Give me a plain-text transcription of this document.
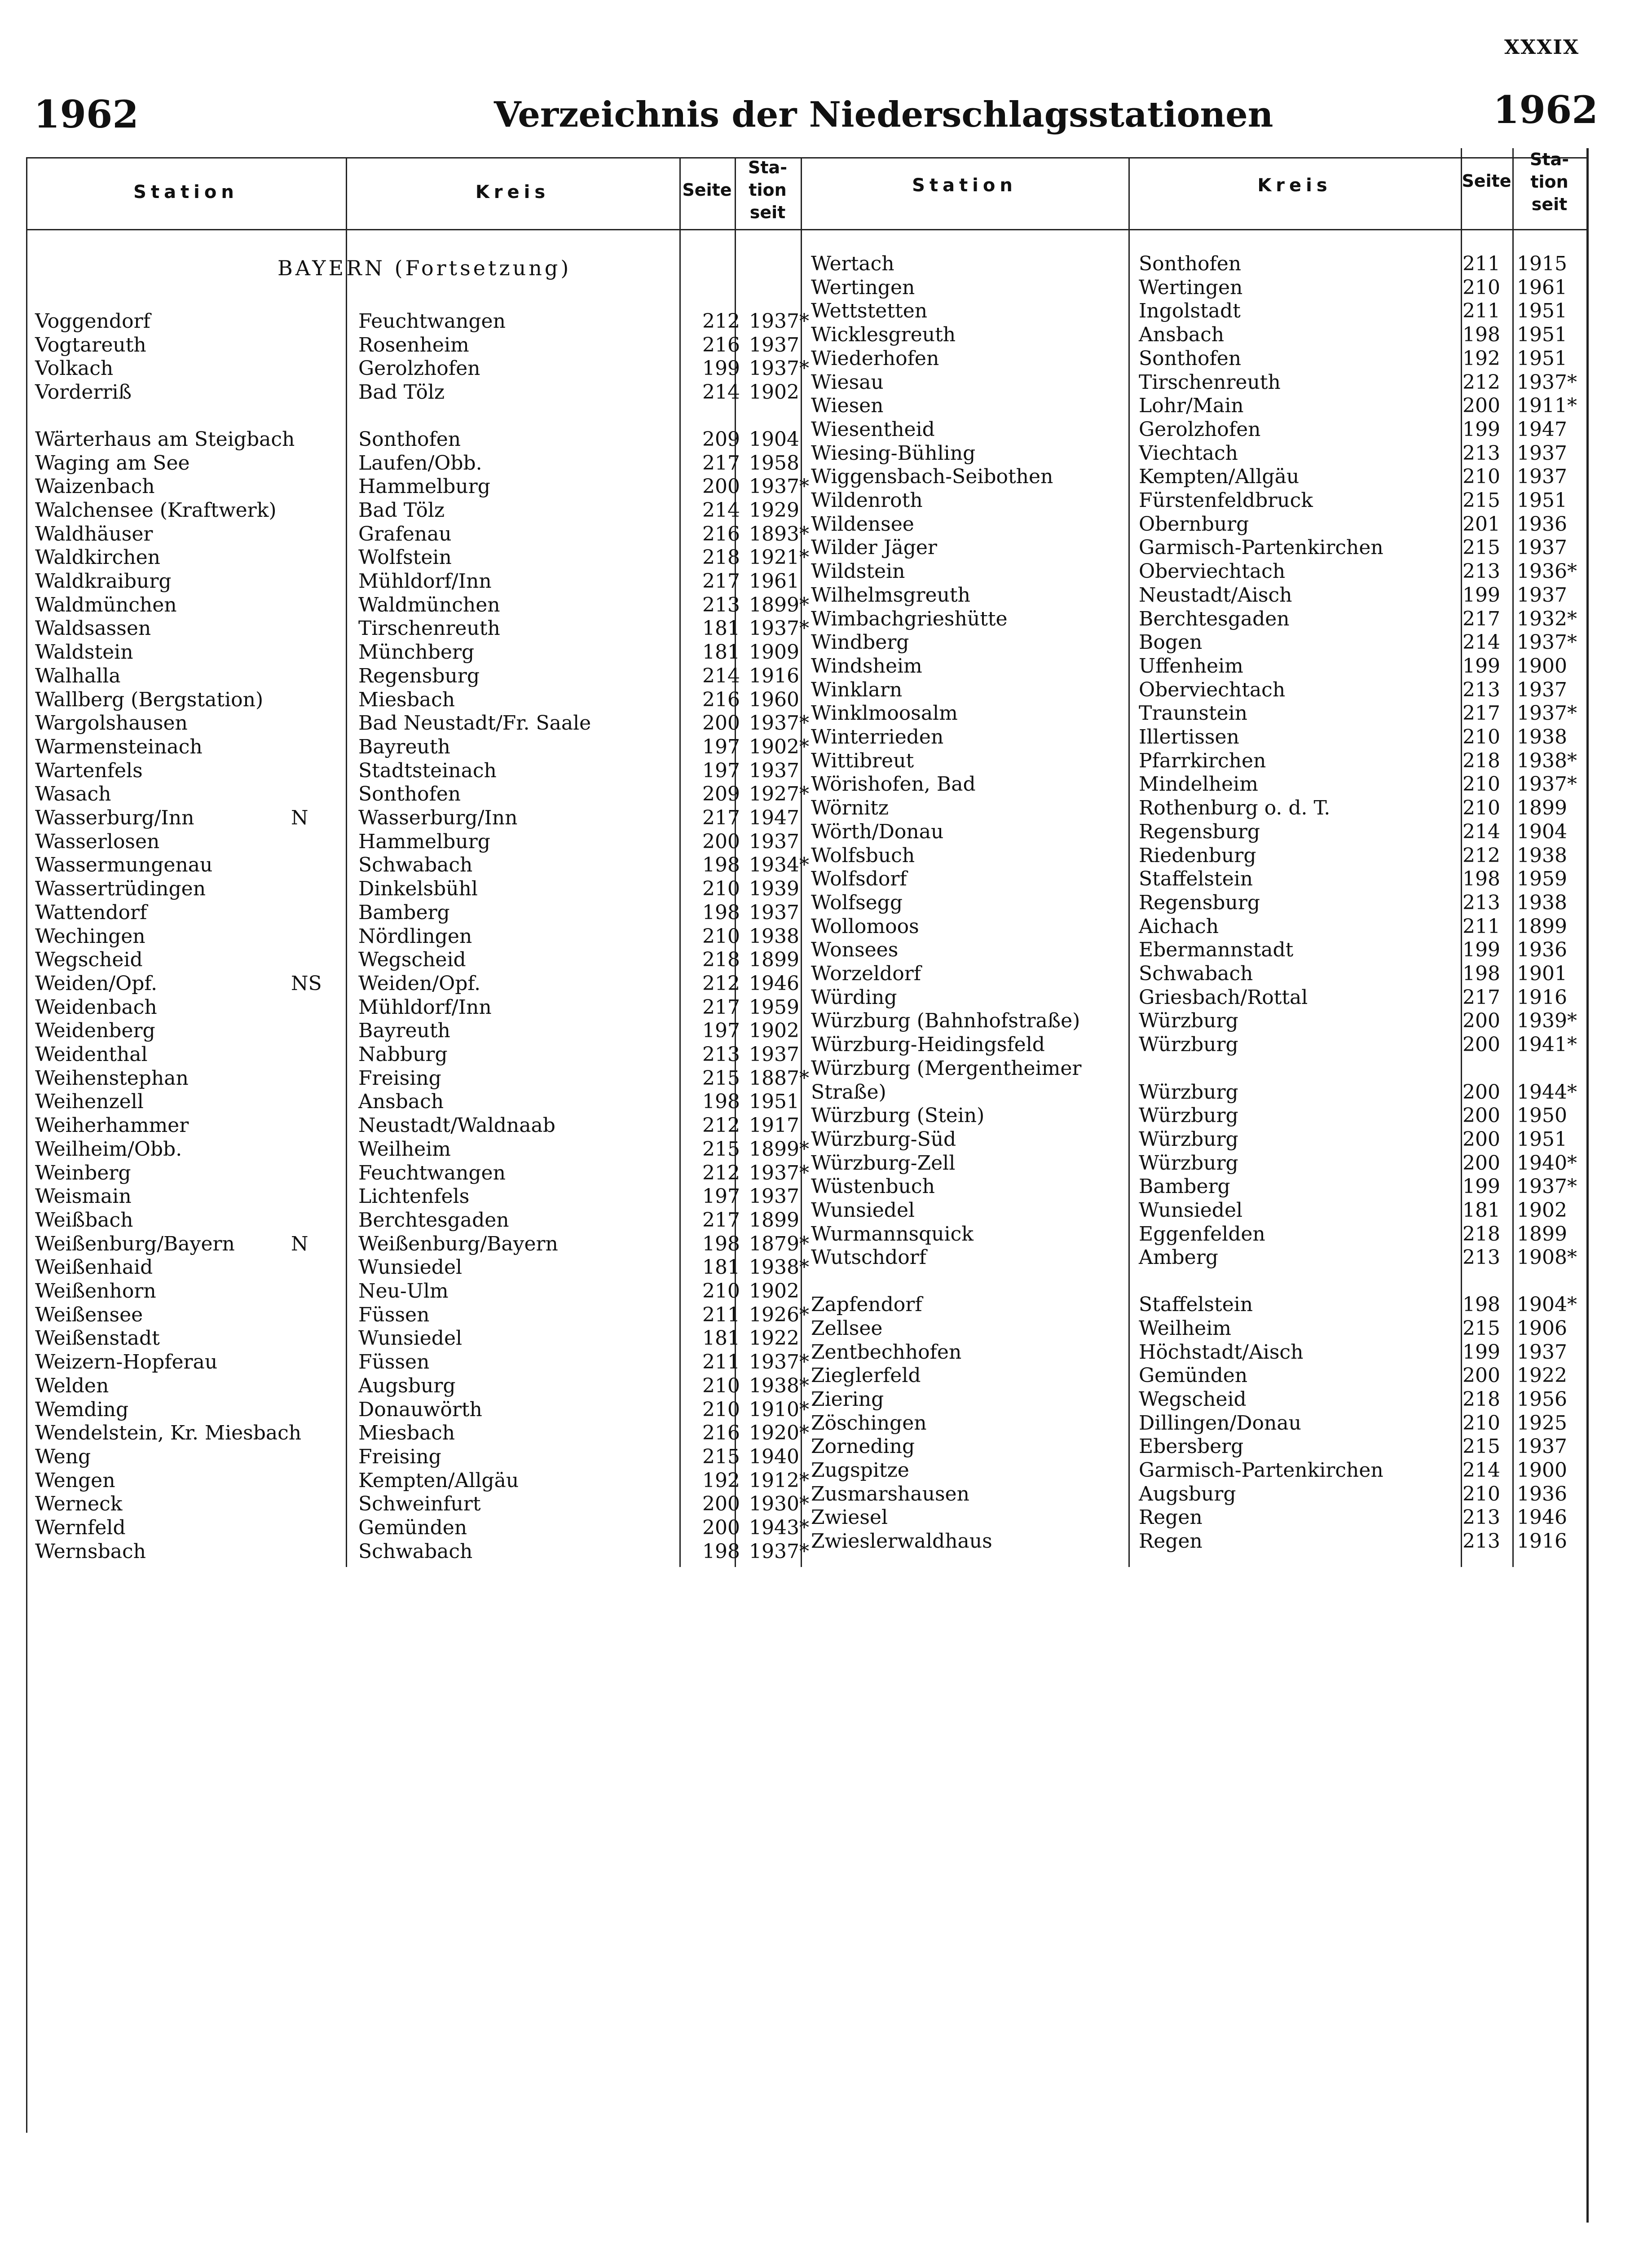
XXXIX
1962	Verzeichnis der Niederschlagsstationen	1962
Station	Kreis	Seite
Sta-
tion
seit
Station	Kreis	Seite
Sta-
tion
seit
BAYERN (Fortsetzung)
Voggendorf	Feuchtwangen	212 1937*
Vogtareuth	Rosenheim	216 1937
Volkach	Gerolzhofen	199 1937*
Vorderriß	Bad Tölz	214 1902
Wärterhaus am Steigbach	Sonthofen	209 1904
Waging am See	Laufen/Obb.	217 1958
Waizenbach	Hammelburg	200 1937*
Walchensee (Kraftwerk)	Bad Tölz	214 1929
Waldhäuser	Grafenau	216 1893*
Waldkirchen	Wolfstein	218 1921*
Waldkraiburg	Mühldorf/Inn	217 1961
Waldmünchen	Waldmünchen	213 1899*
Waldsassen	Tirschenreuth	181 1937*
Waldstein	Münchberg	181 1909
Walhalla	Regensburg	214 1916
Wallberg (Bergstation)	Miesbach	216 1960
Wargolshausen	Bad Neustadt/Fr. Saale	200 1937*
Warmensteinach	Bayreuth	197 1902*
Wartenfels	Stadtsteinach	197 1937
Wasach	Sonthofen	209 1927*
Wasserburg/Inn	N	Wasserburg/Inn	217 1947
Wasserlosen	Hammelburg	200 1937
Wassermungenau	Schwabach	198 1934*
Wassertrüdingen	Dinkelsbühl	210 1939
Wattendorf	Bamberg	198 1937
Wechingen	Nördlingen	210 1938
Wegscheid	Wegscheid	218 1899
Weiden/Opf.	NS Weiden/Opf.	212 1946
Weidenbach	Mühldorf/Inn	217 1959
Weidenberg	Bayreuth	197 1902
Weidenthal	Nabburg	213 1937
Weihenstephan	Freising	215 1887*
Weihenzell	Ansbach	198 1951
Weiherhammer	Neustadt/Waldnaab	212 1917
Weilheim/Obb.	Weilheim	215 1899*
Weinberg	Feuchtwangen	212 1937*
Weismain	Lichtenfels	197 1937
Weißbach	Berchtesgaden	217 1899
Weißenburg/Bayern	N	Weißenburg/Bayern	198 1879*
Weißenhaid	Wunsiedel	181 1938*
Weißenhorn	Neu-Ulm	210 1902
Weißensee	Füssen	211 1926*
Weißenstadt	Wunsiedel	181 1922
Weizern-Hopferau	Füssen	211 1937*
Welden	Augsburg	210 1938*
Wemding	Donauwörth	210 1910*
Wendelstein, Kr. Miesbach	Miesbach	216 1920*
Weng	Freising	215 1940
Wengen	Kempten/Allgäu	192 1912*
Werneck	Schweinfurt	200 1930*
Wernfeld	Gemünden	200 1943*
Wernsbach	Schwabach	198 1937*
Wertach	Sonthofen	211 1915
Wertingen	Wertingen	210 1961
Wettstetten	Ingolstadt	211 1951
Wicklesgreuth	Ansbach	198 1951
Wiederhofen	Sonthofen	192 1951
Wiesau	Tirschenreuth	212 1937*
Wiesen	Lohr/Main	200 1911*
Wiesentheid	Gerolzhofen	199 1947
Wiesing-Bühling	Viechtach	213 1937
Wiggensbach-Seibothen	Kempten/Allgäu	210 1937
Wildenroth	Fürstenfeldbruck	215 1951
Wildensee	Obernburg	201 1936
Wilder Jäger	Garmisch-Partenkirchen	215 1937
Wildstein	Oberviechtach	213 1936*
Wilhelmsgreuth	Neustadt/Aisch	199 1937
Wimbachgrieshütte	Berchtesgaden	217 1932*
Windberg	Bogen	214 1937*
Windsheim	Uffenheim	199 1900
Winklarn	Oberviechtach	213 1937
Winklmoosalm	Traunstein	217 1937*
Winterrieden	Illertissen	210 1938
Wittibreut	Pfarrkirchen	218 1938*
Wörishofen, Bad	Mindelheim	210 1937*
Wörnitz	Rothenburg o. d. T.	210 1899
Wörth/Donau	Regensburg	214 1904
Wolfsbuch	Riedenburg	212 1938
Wolfsdorf	Staffelstein	198 1959
Wolfsegg	Regensburg	213 1938
Wollomoos	Aichach	211 1899
Wonsees	Ebermannstadt	199 1936
Worzeldorf	Schwabach	198 1901
Würding	Griesbach/Rottal	217 1916
Würzburg (Bahnhofstraße)	Würzburg	200 1939*
Würzburg-Heidingsfeld	Würzburg	200 1941*
Würzburg (Mergentheimer
Straße)	Würzburg	200 1944*
Würzburg (Stein)	Würzburg	200 1950
Würzburg-Süd	Würzburg	200 1951
Würzburg-Zell	Würzburg	200 1940*
Wüstenbuch	Bamberg	199 1937*
Wunsiedel	Wunsiedel	181 1902
Wurmannsquick	Eggenfelden	218 1899
Wutschdorf	Amberg	213 1908*
Zapfendorf	Staffelstein	198 1904*
Zellsee	Weilheim	215 1906
Zentbechhofen	Höchstadt/Aisch	199 1937
Zieglerfeld	Gemünden	200 1922
Ziering	Wegscheid	218 1956
Zöschingen	Dillingen/Donau	210 1925
Zorneding	Ebersberg	215 1937
Zugspitze	Garmisch-Partenkirchen	214 1900
Zusmarshausen	Augsburg	210 1936
Zwiesel	Regen	213 1946
Zwieslerwaldhaus	Regen	213 1916
